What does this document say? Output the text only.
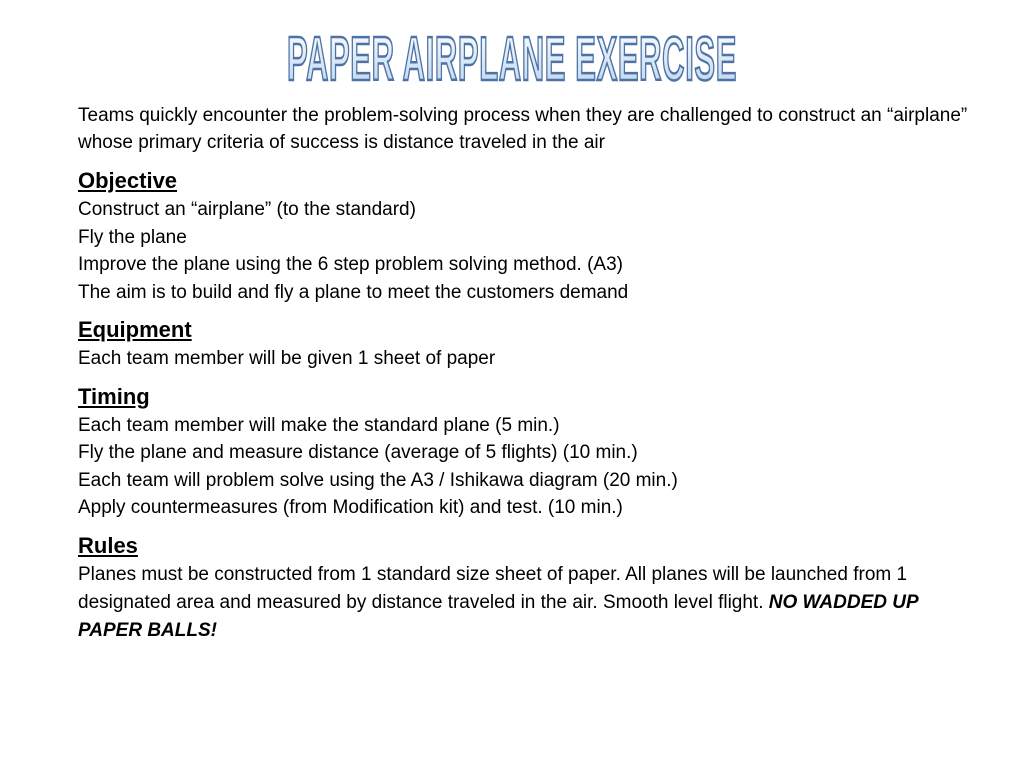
PAPER AIRPLANE EXERCISE

Teams quickly encounter the problem-solving process when they are challenged to construct an “airplane” whose primary criteria of success is distance traveled in the air

Objective

Construct an “airplane” (to the standard)

Fly the plane

Improve the plane using the 6 step problem solving method. (A3)

The aim is to build and fly a plane to meet the customers demand

Equipment

Each team member will be given 1 sheet of paper

Timing

Each team member will make the standard plane (5 min.)

Fly the plane and measure distance (average of 5 flights) (10 min.)

Each team will problem solve using the A3 / Ishikawa diagram (20 min.)

Apply countermeasures (from Modification kit) and test. (10 min.)

Rules

Planes must be constructed from 1 standard size sheet of paper. All planes will be launched from 1 designated area and measured by distance traveled in the air. Smooth level flight. NO WADDED UP PAPER BALLS!
